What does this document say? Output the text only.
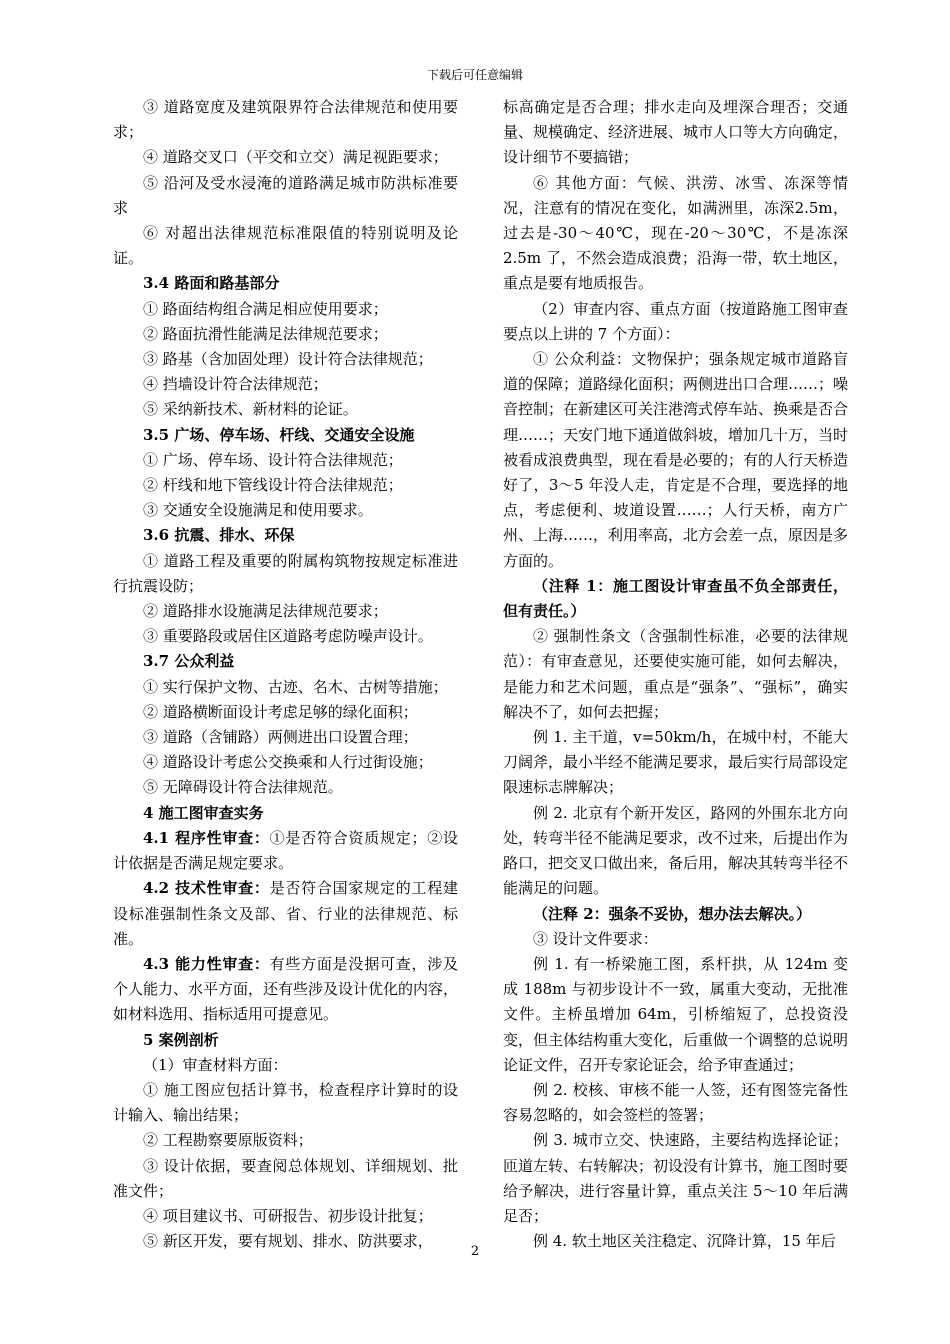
下载后可任意编辑

③ 道路宽度及建筑限界符合法律规范和使用要求；

④ 道路交叉口（平交和立交）满足视距要求；

⑤ 沿河及受水浸淹的道路满足城市防洪标准要求

⑥ 对超出法律规范标准限值的特别说明及论证。

3.4 路面和路基部分

① 路面结构组合满足相应使用要求；

② 路面抗滑性能满足法律规范要求；

③ 路基（含加固处理）设计符合法律规范；

④ 挡墙设计符合法律规范；

⑤ 采纳新技术、新材料的论证。

3.5 广场、停车场、杆线、交通安全设施

① 广场、停车场、设计符合法律规范；

② 杆线和地下管线设计符合法律规范；

③ 交通安全设施满足和使用要求。

3.6 抗震、排水、环保

① 道路工程及重要的附属构筑物按规定标准进行抗震设防；

② 道路排水设施满足法律规范要求；

③ 重要路段或居住区道路考虑防噪声设计。

3.7 公众利益

① 实行保护文物、古迹、名木、古树等措施；

② 道路横断面设计考虑足够的绿化面积；

③ 道路（含铺路）两侧进出口设置合理；

④ 道路设计考虑公交换乘和人行过街设施；

⑤ 无障碍设计符合法律规范。

4 施工图审查实务

4.1 程序性审查：①是否符合资质规定；②设计依据是否满足规定要求。

4.2 技术性审查：是否符合国家规定的工程建设标准强制性条文及部、省、行业的法律规范、标准。

4.3 能力性审查：有些方面是没据可查，涉及个人能力、水平方面，还有些涉及设计优化的内容，如材料选用、指标适用可提意见。

5 案例剖析

（1）审查材料方面：

① 施工图应包括计算书，检查程序计算时的设计输入、输出结果；

② 工程勘察要原版资料；

③ 设计依据，要查阅总体规划、详细规划、批准文件；

④ 项目建议书、可研报告、初步设计批复；

⑤ 新区开发，要有规划、排水、防洪要求，

标高确定是否合理；排水走向及埋深合理否；交通量、规模确定、经济进展、城市人口等大方向确定，设计细节不要搞错；

⑥ 其他方面：气候、洪涝、冰雪、冻深等情况，注意有的情况在变化，如满洲里，冻深2.5m，过去是-30～40℃，现在-20～30℃，不是冻深 2.5m 了，不然会造成浪费；沿海一带，软土地区，重点是要有地质报告。

（2）审查内容、重点方面（按道路施工图审查要点以上讲的 7 个方面）：

① 公众利益：文物保护；强条规定城市道路盲道的保障；道路绿化面积；两侧进出口合理……；噪音控制；在新建区可关注港湾式停车站、换乘是否合理……；天安门地下通道做斜坡，增加几十万，当时被看成浪费典型，现在看是必要的；有的人行天桥造好了，3～5 年没人走，肯定是不合理，要选择的地点，考虑便利、坡道设置……；人行天桥，南方广州、上海……，利用率高，北方会差一点，原因是多方面的。

（注释 1：施工图设计审查虽不负全部责任，但有责任。）

② 强制性条文（含强制性标准，必要的法律规范）：有审查意见，还要使实施可能，如何去解决，是能力和艺术问题，重点是“强条”、“强标”，确实解决不了，如何去把握；

例 1. 主干道，v=50km/h，在城中村，不能大刀阔斧，最小半经不能满足要求，最后实行局部设定限速标志牌解决；

例 2. 北京有个新开发区，路网的外围东北方向处，转弯半径不能满足要求，改不过来，后提出作为路口，把交叉口做出来，备后用，解决其转弯半径不能满足的问题。

（注释 2：强条不妥协，想办法去解决。）

③ 设计文件要求：

例 1. 有一桥梁施工图，系杆拱，从 124m 变成 188m 与初步设计不一致，属重大变动，无批准文件。主桥虽增加 64m，引桥缩短了，总投资没变，但主体结构重大变化，后重做一个调整的总说明论证文件，召开专家论证会，给予审查通过；

例 2. 校核、审核不能一人签，还有图签完备性容易忽略的，如会签栏的签署；

例 3. 城市立交、快速路，主要结构选择论证；匝道左转、右转解决；初设没有计算书，施工图时要给予解决，进行容量计算，重点关注 5～10 年后满足否；

例 4. 软土地区关注稳定、沉降计算，15 年后

2
